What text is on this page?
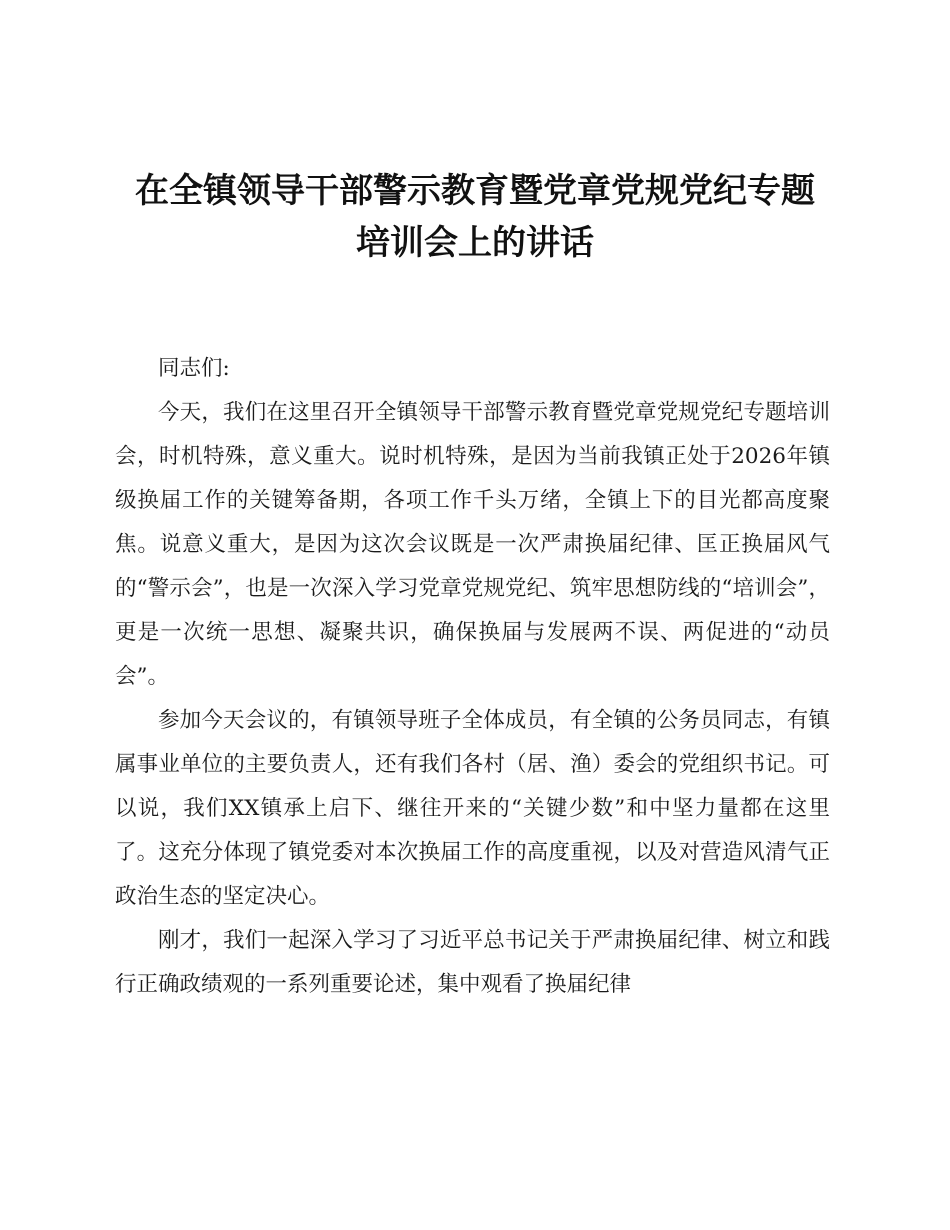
在全镇领导干部警示教育暨党章党规党纪专题
培训会上的讲话

同志们:

今天，我们在这里召开全镇领导干部警示教育暨党章党规党纪专题培训会，时机特殊，意义重大。说时机特殊，是因为当前我镇正处于2026年镇级换届工作的关键筹备期，各项工作千头万绪，全镇上下的目光都高度聚焦。说意义重大，是因为这次会议既是一次严肃换届纪律、匡正换届风气的“警示会”，也是一次深入学习党章党规党纪、筑牢思想防线的“培训会”，更是一次统一思想、凝聚共识，确保换届与发展两不误、两促进的“动员会”。

参加今天会议的，有镇领导班子全体成员，有全镇的公务员同志，有镇属事业单位的主要负责人，还有我们各村（居、渔）委会的党组织书记。可以说，我们XX镇承上启下、继往开来的“关键少数”和中坚力量都在这里了。这充分体现了镇党委对本次换届工作的高度重视，以及对营造风清气正政治生态的坚定决心。

刚才，我们一起深入学习了习近平总书记关于严肃换届纪律、树立和践行正确政绩观的一系列重要论述，集中观看了换届纪律
